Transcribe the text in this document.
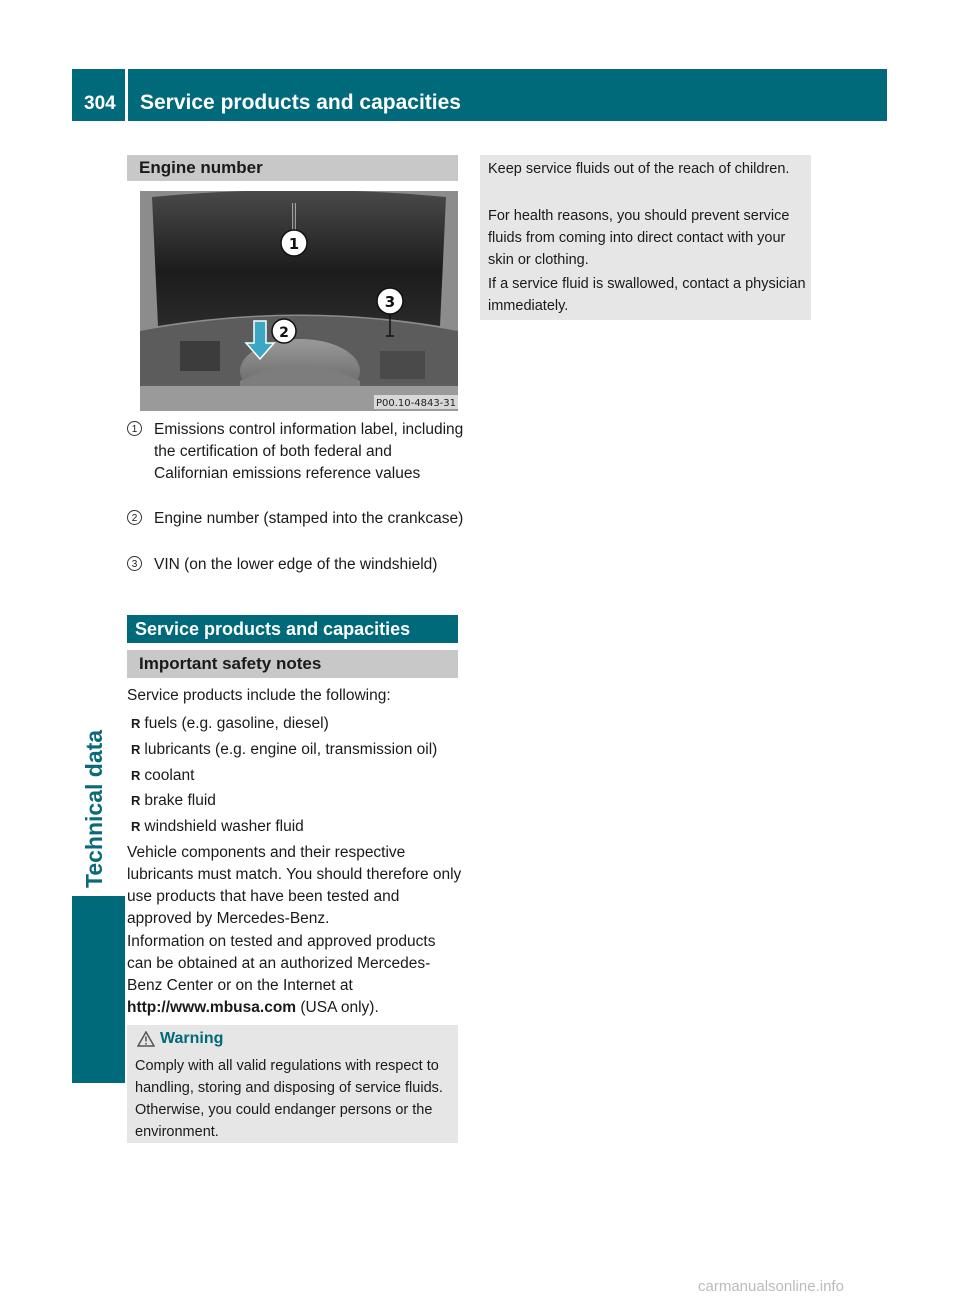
304 Service products and capacities
Technical data
Engine number
1
3
2
P00.10-4843-31
1	Emissions control information label, including the certification of both federal and Californian emissions reference values
2	Engine number (stamped into the crankcase)
3	VIN (on the lower edge of the windshield)
Service products and capacities
Important safety notes
Service products include the following:
R fuels (e.g. gasoline, diesel)
R lubricants (e.g. engine oil, transmission oil)
R coolant
R brake fluid
R windshield washer fluid
Vehicle components and their respective lubricants must match. You should therefore only use products that have been tested and approved by Mercedes-Benz.
Information on tested and approved products can be obtained at an authorized Mercedes-Benz Center or on the Internet at http://www.mbusa.com (USA only).
Warning
Comply with all valid regulations with respect to handling, storing and disposing of service fluids. Otherwise, you could endanger persons or the environment.
Keep service fluids out of the reach of children.
For health reasons, you should prevent service fluids from coming into direct contact with your skin or clothing.
If a service fluid is swallowed, contact a physician immediately.
carmanualsonline.info
